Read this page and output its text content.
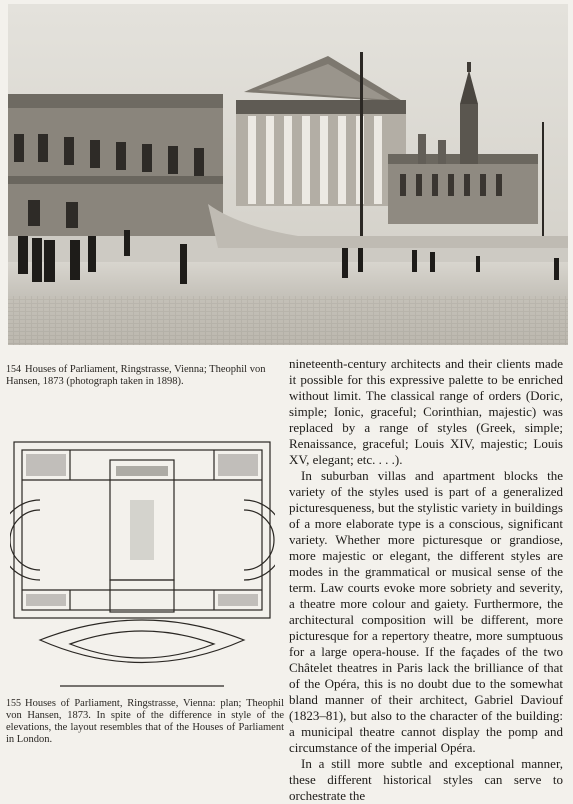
154 Houses of Parliament, Ringstrasse, Vienna; Theophil von Hansen, 1873 (photograph taken in 1898).
155 Houses of Parliament, Ringstrasse, Vienna: plan; Theophil von Hansen, 1873. In spite of the difference in style of the elevations, the layout resembles that of the Houses of Parliament in London.

nineteenth-century architects and their clients made it possible for this expressive palette to be enriched without limit. The classical range of orders (Doric, simple; Ionic, graceful; Corinthian, majestic) was replaced by a range of styles (Greek, simple; Renaissance, graceful; Louis XIV, majestic; Louis XV, elegant; etc. . . .).

In suburban villas and apartment blocks the variety of the styles used is part of a generalized picturesqueness, but the stylistic variety in buildings of a more elaborate type is a conscious, significant variety. Whether more picturesque or grandiose, more majestic or elegant, the different styles are modes in the grammatical or musical sense of the term. Law courts evoke more sobriety and severity, a theatre more colour and gaiety. Furthermore, the architectural composition will be different, more picturesque for a repertory theatre, more sumptuous for a large opera-house. If the façades of the two Châtelet theatres in Paris lack the brilliance of that of the Opéra, this is no doubt due to the somewhat bland manner of their architect, Gabriel Daviouf (1823–81), but also to the character of the building: a municipal theatre cannot display the pomp and circumstance of the imperial Opéra.

In a still more subtle and exceptional manner, these different historical styles can serve to orchestrate the
